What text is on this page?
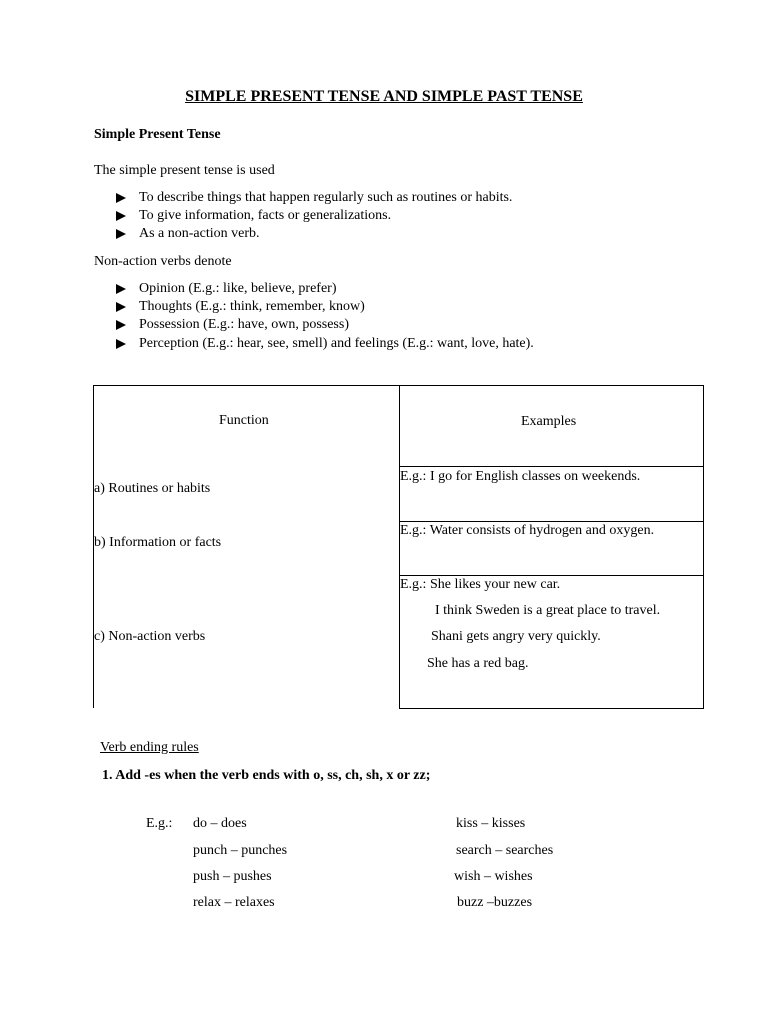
SIMPLE PRESENT TENSE AND SIMPLE PAST TENSE
Simple Present Tense
The simple present tense is used
To describe things that happen regularly such as routines or habits.
To give information, facts or generalizations.
As a non-action verb.
Non-action verbs denote
Opinion (E.g.: like, believe, prefer)
Thoughts (E.g.: think, remember, know)
Possession (E.g.: have, own, possess)
Perception (E.g.: hear, see, smell) and feelings (E.g.: want, love, hate).
Function	Examples
a) Routines or habits
E.g.: I go for English classes on weekends.
b) Information or facts
E.g.: Water consists of hydrogen and oxygen.
c) Non-action verbs
E.g.: She likes your new car.
I think Sweden is a great place to travel.
Shani gets angry very quickly.
She has a red bag.
Verb ending rules
1. Add -es when the verb ends with o, ss, ch, sh, x or zz;
E.g.: do – does
punch – punches
push – pushes
relax – relaxes
kiss – kisses
search – searches
wish – wishes
buzz –buzzes
